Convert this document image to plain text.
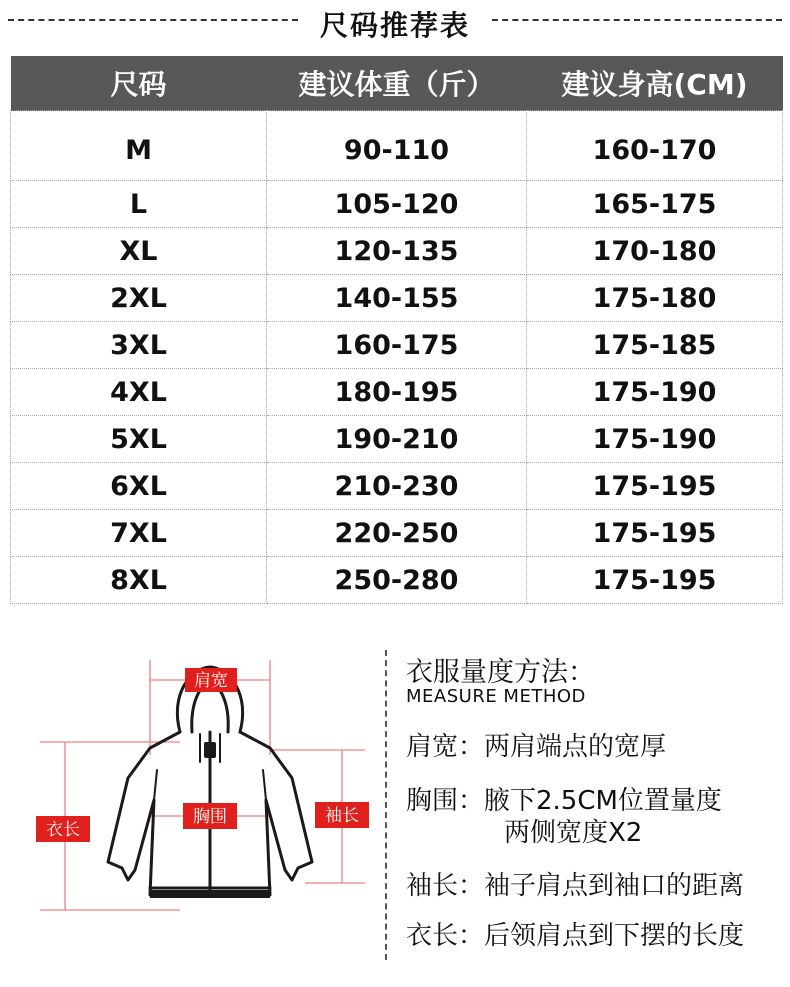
尺码推荐表
尺码	建议体重（斤）	建议身高(CM)
M	90-110	160-170
L	105-120	165-175
XL	120-135	170-180
2XL	140-155	175-180
3XL	160-175	175-185
4XL	180-195	175-190
5XL	190-210	175-190
6XL	210-230	175-195
7XL	220-250	175-195
8XL	250-280	175-195
肩宽
胸围	袖长
衣长
衣服量度方法：
MEASURE METHOD
肩宽：两肩端点的宽厚
胸围：腋下2.5CM位置量度
两侧宽度X2
袖长：袖子肩点到袖口的距离
衣长：后领肩点到下摆的长度
